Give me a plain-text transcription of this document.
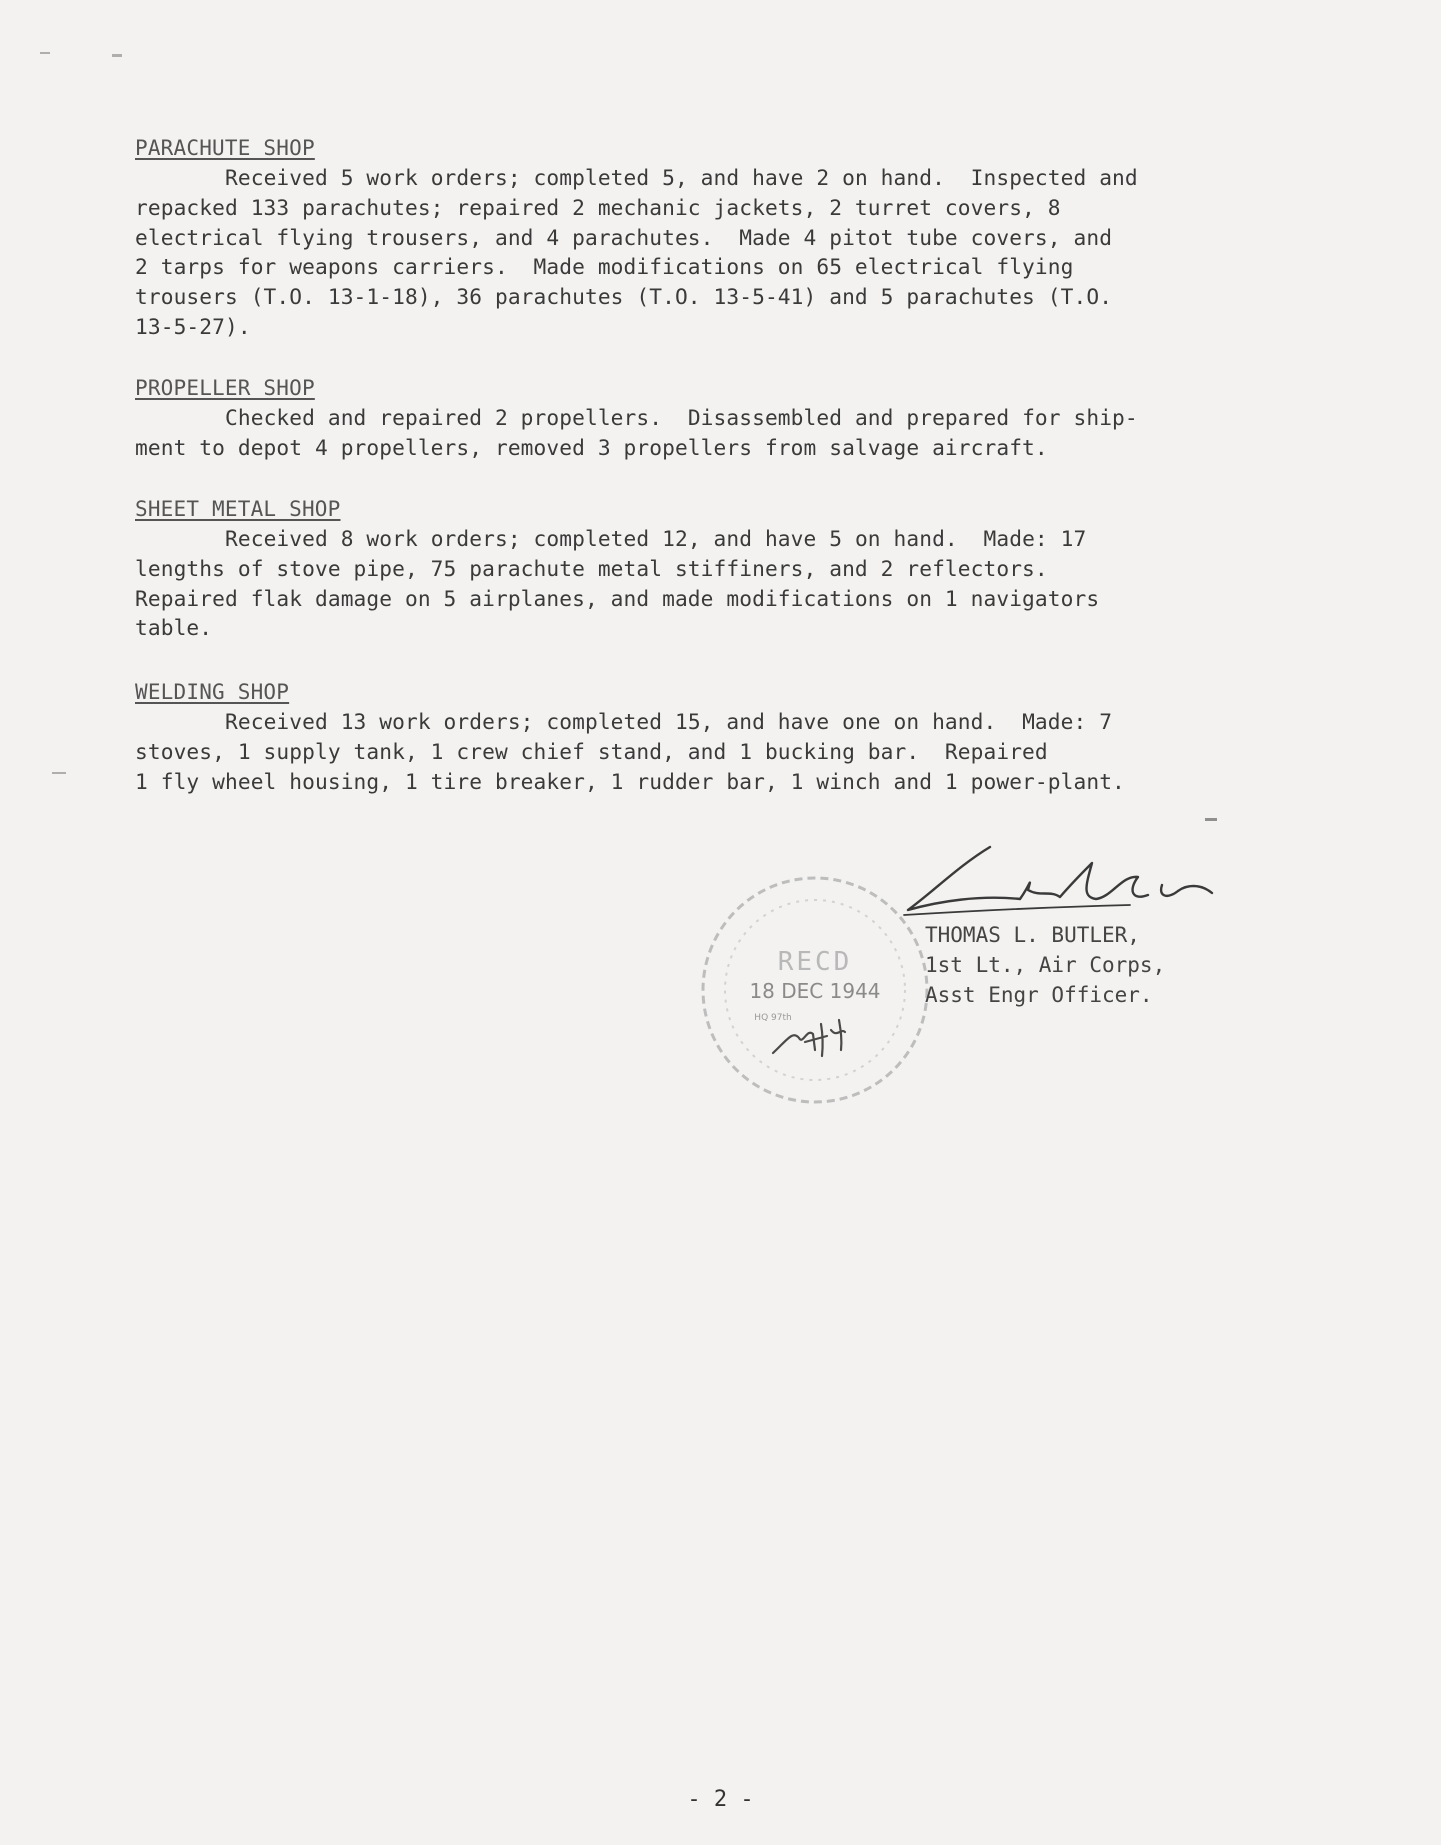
PARACHUTE SHOP

Received 5 work orders; completed 5, and have 2 on hand.  Inspected and
repacked 133 parachutes; repaired 2 mechanic jackets, 2 turret covers, 8
electrical flying trousers, and 4 parachutes.  Made 4 pitot tube covers, and
2 tarps for weapons carriers.  Made modifications on 65 electrical flying
trousers (T.O. 13-1-18), 36 parachutes (T.O. 13-5-41) and 5 parachutes (T.O.
13-5-27).

PROPELLER SHOP

Checked and repaired 2 propellers.  Disassembled and prepared for ship-
ment to depot 4 propellers, removed 3 propellers from salvage aircraft.

SHEET METAL SHOP

Received 8 work orders; completed 12, and have 5 on hand.  Made: 17
lengths of stove pipe, 75 parachute metal stiffiners, and 2 reflectors.
Repaired flak damage on 5 airplanes, and made modifications on 1 navigators
table.

WELDING SHOP

Received 13 work orders; completed 15, and have one on hand.  Made: 7
stoves, 1 supply tank, 1 crew chief stand, and 1 bucking bar.  Repaired
1 fly wheel housing, 1 tire breaker, 1 rudder bar, 1 winch and 1 power-plant.

RECD
18 DEC 1944
HQ 97th
THOMAS L. BUTLER,
1st Lt., Air Corps,
Asst Engr Officer.
- 2 -
